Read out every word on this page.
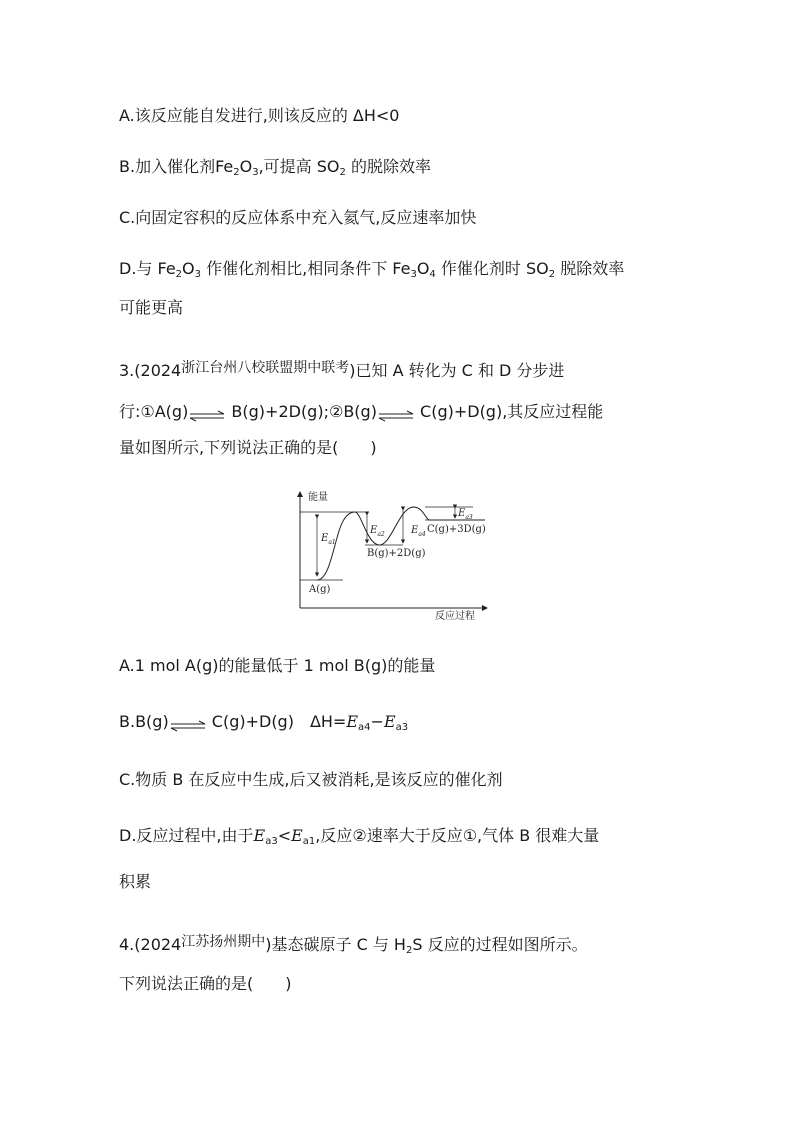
A.该反应能自发进行,则该反应的 ΔH<0
B.加入催化剂$Fe_2O_3$,可提高 $SO_2$ 的脱除效率
C.向固定容积的反应体系中充入氦气,反应速率加快
D.与 $Fe_2O_3$ 作催化剂相比,相同条件下 $Fe_3O_4$ 作催化剂时 $SO_2$ 脱除效率
可能更高
3.(2024浙江台州八校联盟期中联考)已知 A 转化为 C 和 D 分步进
行:①A(g)⇌ B(g)+2D(g);②B(g)⇌ C(g)+D(g),其反应过程能
量如图所示,下列说法正确的是(　　)
能量
反应过程
$E_{a1}$
$E_{a2}$	$E_{a4}$
$E_{a3}$
A(g)
B(g)+2D(g)
C(g)+3D(g)
A.1 mol A(g)的能量低于 1 mol B(g)的能量
B.B(g)⇌ C(g)+D(g)　$\Delta H=E_{a4}-E_{a3}$
C.物质 B 在反应中生成,后又被消耗,是该反应的催化剂
D.反应过程中,由于$E_{a3}<E_{a1}$,反应②速率大于反应①,气体 B 很难大量
积累
4.(2024江苏扬州期中)基态碳原子 C 与 $H_2S$ 反应的过程如图所示。
下列说法正确的是(　　)
